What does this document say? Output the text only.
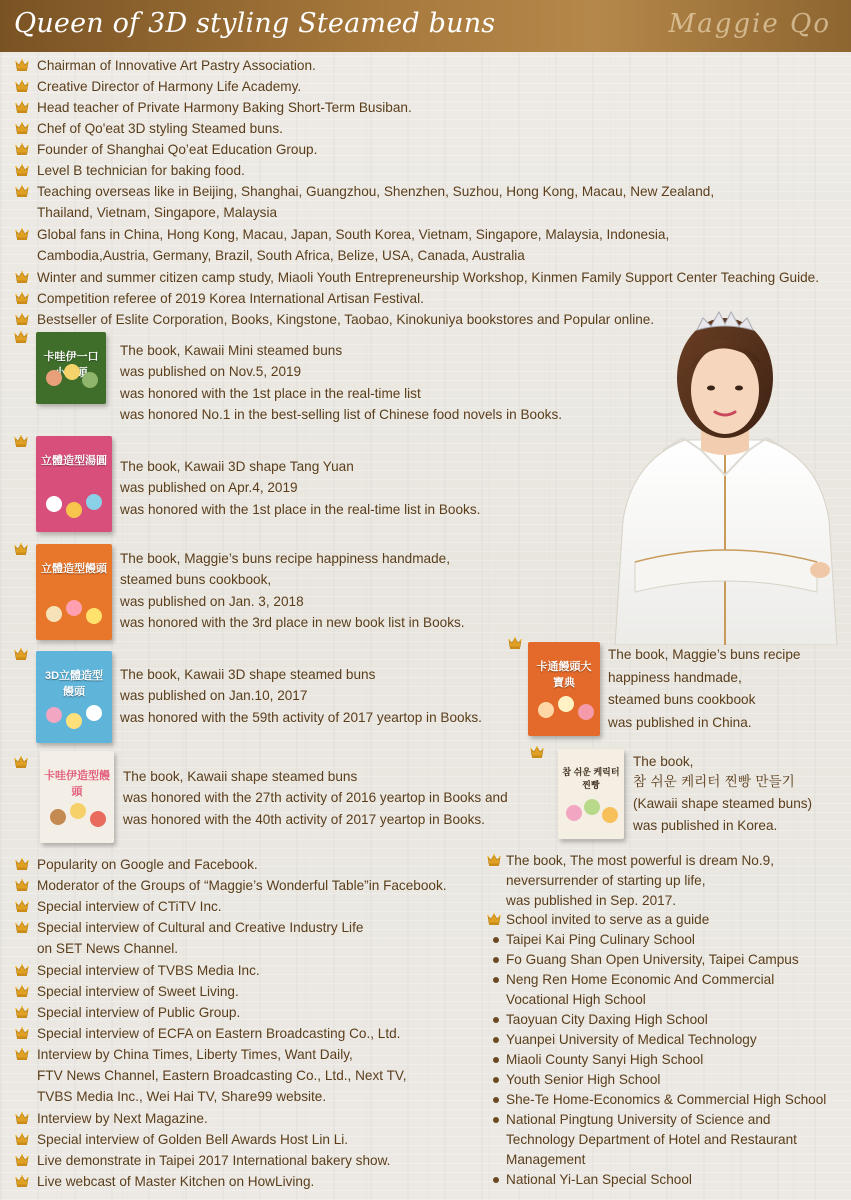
Queen of 3D styling Steamed buns	Maggie Qo
Chairman of Innovative Art Pastry Association.
Creative Director of Harmony Life Academy.
Head teacher of Private Harmony Baking Short-Term Busiban.
Chef of Qo'eat 3D styling Steamed buns.
Founder of Shanghai Qo’eat Education Group.
Level B technician for baking food.
Teaching overseas like in Beijing, Shanghai, Guangzhou, Shenzhen, Suzhou, Hong Kong, Macau, New Zealand,
Thailand, Vietnam, Singapore, Malaysia
Global fans in China, Hong Kong, Macau, Japan, South Korea, Vietnam, Singapore, Malaysia, Indonesia,
Cambodia,Austria, Germany, Brazil, South Africa, Belize, USA, Canada, Australia
Winter and summer citizen camp study, Miaoli Youth Entrepreneurship Workshop, Kinmen Family Support Center Teaching Guide.
Competition referee of 2019 Korea International Artisan Festival.
Bestseller of Eslite Corporation, Books, Kingstone, Taobao, Kinokuniya bookstores and Popular online.
卡哇伊一口 頭
The book, Kawaii Mini steamed buns
was published on Nov.5, 2019
was honored with the 1st place in the real-time list
was honored No.1 in the best-selling list of Chinese food novels in Books.
立體造型湯圓 The book, Kawaii 3D shape Tang Yuan
was published on Apr.4, 2019
was honored with the 1st place in the real-time list in Books.
立體造型饅頭
The book, Maggie’s buns recipe happiness handmade,
steamed buns cookbook,
was published on Jan. 3, 2018
was honored with the 3rd place in new book list in Books.
3D立體造型饅頭
The book, Kawaii 3D shape steamed buns
was published on Jan.10, 2017
was honored with the 59th activity of 2017 yeartop in Books.
卡哇伊造型饅頭
The book, Kawaii shape steamed buns
was honored with the 27th activity of 2016 yeartop in Books and
was honored with the 40th activity of 2017 yeartop in Books.
卡通饅頭大寶典
The book, Maggie’s buns recipe
happiness handmade,
steamed buns cookbook
was published in China.
참 쉬운 케릭터 찐빵
The book,
참 쉬운 케리터 찐빵 만들기
(Kawaii shape steamed buns)
was published in Korea.
Popularity on Google and Facebook.
Moderator of the Groups of “Maggie’s Wonderful Table”in Facebook.
Special interview of CTiTV Inc.
Special interview of Cultural and Creative Industry Life
on SET News Channel.
Special interview of TVBS Media Inc.
Special interview of Sweet Living.
Special interview of Public Group.
Special interview of ECFA on Eastern Broadcasting Co., Ltd.
Interview by China Times, Liberty Times, Want Daily,
FTV News Channel, Eastern Broadcasting Co., Ltd., Next TV,
TVBS Media Inc., Wei Hai TV, Share99 website.
Interview by Next Magazine.
Special interview of Golden Bell Awards Host Lin Li.
Live demonstrate in Taipei 2017 International bakery show.
Live webcast of Master Kitchen on HowLiving.
The book, The most powerful is dream No.9,
neversurrender of starting up life,
was published in Sep. 2017.
School invited to serve as a guide
Taipei Kai Ping Culinary School
Fo Guang Shan Open University, Taipei Campus
Neng Ren Home Economic And Commercial
Vocational High School
Taoyuan City Daxing High School
Yuanpei University of Medical Technology
Miaoli County Sanyi High School
Youth Senior High School
She-Te Home-Economics & Commercial High School
National Pingtung University of Science and
Technology Department of Hotel and Restaurant
Management
National Yi-Lan Special School
